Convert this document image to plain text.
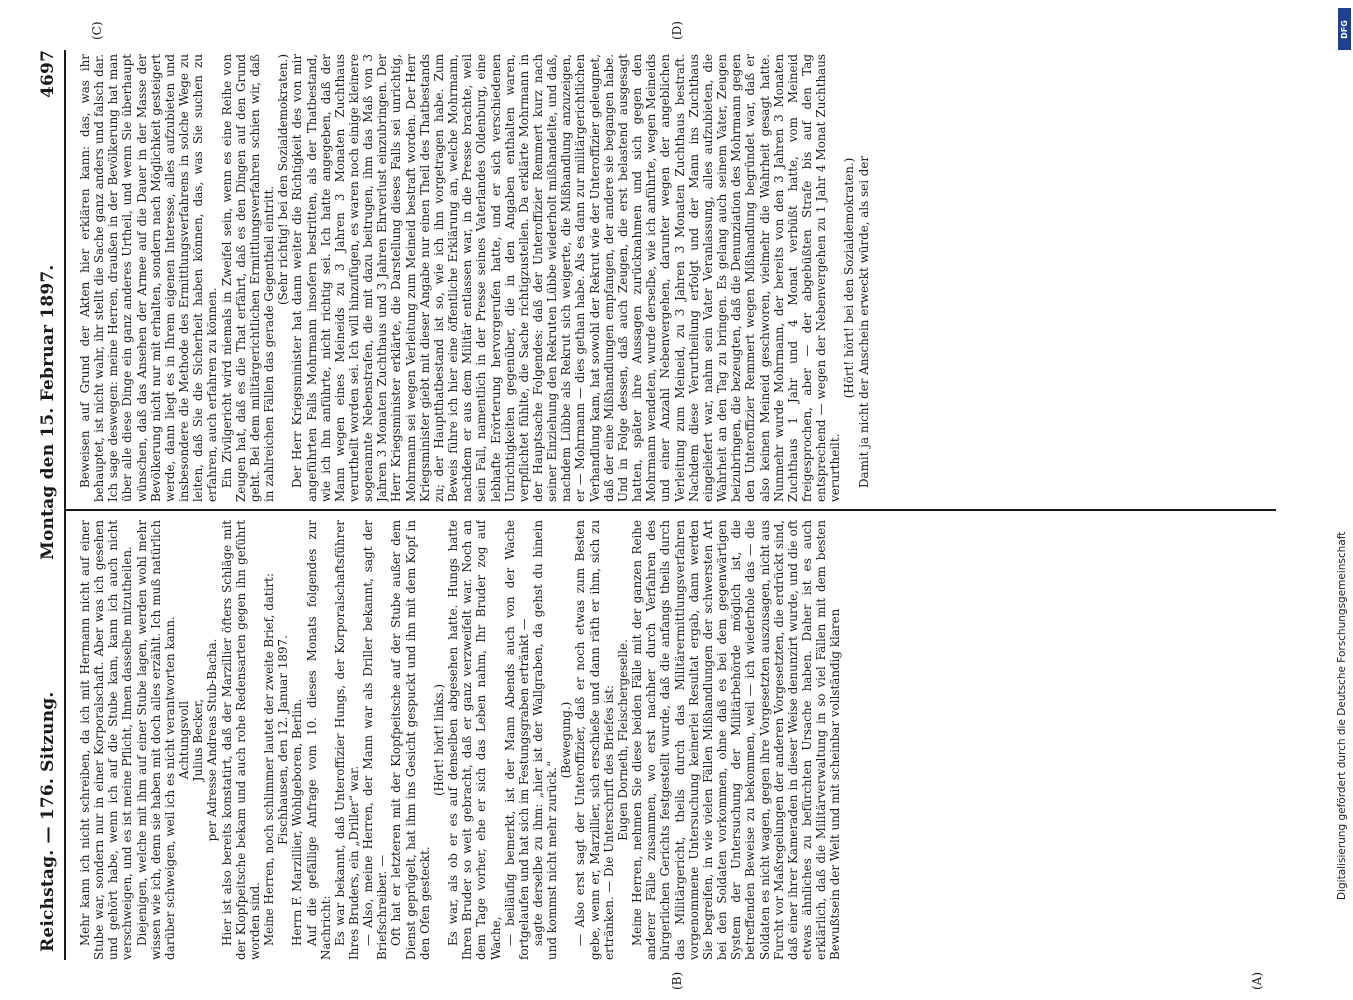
Reichstag. — 176. Sitzung.
Montag den 15. Februar 1897.
4697
(A)
(B)
(C)	(D)

Mehr kann ich nicht schreiben, da ich mit Hermann nicht auf einer Stube war, sondern nur in einer Korporalschaft. Aber was ich gesehen und gehört habe, wenn ich auf die Stube kam, kann ich auch nicht verschweigen, und es ist meine Pflicht, Ihnen dasselbe mitzutheilen. Diejenigen, welche mit ihm auf einer Stube lagen, werden wohl mehr wissen wie ich, denn sie haben mit doch alles erzählt. Ich muß natürlich darüber schweigen, weil ich es nicht verantworten kann. Achtungsvoll Julius Becker, per Adresse Andreas Stub-Bacha. Hier ist also bereits konstatirt, daß der Marzillier öfters Schläge mit der Klopfpeitsche bekam und auch rohe Redensarten gegen ihn geführt worden sind. Meine Herren, noch schlimmer lautet der zweite Brief, datirt: Fischhausen, den 12. Januar 1897. Herrn F. Marzillier, Wohlgeboren, Berlin. Auf die gefällige Anfrage vom 10. dieses Monats folgendes zur Nachricht: Es war bekannt, daß Unteroffizier Hungs, der Korporalschaftsführer Ihres Bruders, ein „Driller“ war. — Also, meine Herren, der Mann war als Driller bekannt, sagt der Briefschreiber. — Oft hat er letzteren mit der Klopfpeitsche auf der Stube außer dem Dienst geprügelt, hat ihm ins Gesicht gespuckt und ihn mit dem Kopf in den Ofen gesteckt.

(Hört! hört! links.) Es war, als ob er es auf denselben abgesehen hatte. Hungs hatte Ihren Bruder so weit gebracht, daß er ganz verzweifelt war. Noch an dem Tage vorher, ehe er sich das Leben nahm, Ihr Bruder zog auf Wache, — beiläufig bemerkt, ist der Mann Abends auch von der Wache fortgelaufen und hat sich im Festungsgraben ertränkt — sagte derselbe zu ihm: „hier ist der Wallgraben, da gehst du hinein und kommst nicht mehr zurück.“

(Bewegung.) — Also erst sagt der Unteroffizier, daß er noch etwas zum Besten gebe, wenn er, Marzillier, sich erschieße und dann räth er ihm, sich zu ertränken. — Die Unterschrift des Briefes ist: Eugen Dorneth, Fleischergeselle. Meine Herren, nehmen Sie diese beiden Fälle mit der ganzen Reihe anderer Fälle zusammen, wo erst nachher durch Verfahren des bürgerlichen Gerichts festgestellt wurde, daß die anfangs theils durch das Militärgericht, theils durch das Militärermittlungsverfahren vorgenommene Untersuchung keinerlei Resultat ergab, dann werden Sie begreifen, in wie vielen Fällen Mißhandlungen der schwersten Art bei den Soldaten vorkommen, ohne daß es bei dem gegenwärtigen System der Untersuchung der Militärbehörde möglich ist, die betreffenden Beweise zu bekommen, weil — ich wiederhole das — die Soldaten es nicht wagen, gegen ihre Vorgesetzten auszusagen, nicht aus Furcht vor Maßregelungen der anderen Vorgesetzten, die erdrückt sind, daß einer ihrer Kameraden in dieser Weise denunzirt wurde, und die oft etwas ähnliches zu befürchten Ursache haben. Daher ist es auch erklärlich, daß die Militärverwaltung in so viel Fällen mit dem besten Bewußtsein der Welt und mit scheinbar vollständig klaren

Beweisen auf Grund der Akten hier erklären kann: das, was ihr behauptet, ist nicht wahr, ihr stellt die Sache ganz anders und falsch dar. Ich sage deswegen: meine Herren, draußen in der Bevölkerung hat man über alle diese Dinge ein ganz anderes Urtheil, und wenn Sie überhaupt wünschen, daß das Ansehen der Armee auf die Dauer in der Masse der Bevölkerung nicht nur mit erhalten, sondern nach Möglichkeit gesteigert werde, dann liegt es in Ihrem eigenen Interesse, alles aufzubieten und insbesondere die Methode des Ermittlungsverfahrens in solche Wege zu leiten, daß Sie die Sicherheit haben können, das, was Sie suchen zu erfahren, auch erfahren zu können. Ein Zivilgericht wird niemals in Zweifel sein, wenn es eine Reihe von Zeugen hat, daß es die That erfährt, daß es den Dingen auf den Grund geht. Bei dem militärgerichtlichen Ermittlungsverfahren schien wir, daß in zahlreichen Fällen das gerade Gegentheil eintritt.

(Sehr richtig! bei den Sozialdemokraten.) Der Herr Kriegsminister hat dann weiter die Richtigkeit des von mir angeführten Falls Mohrmann insofern bestritten, als der Thatbestand, wie ich ihn anführte, nicht richtig sei. Ich hatte angegeben, daß der Mann wegen eines Meineids zu 3 Jahren 3 Monaten Zuchthaus verurtheilt worden sei. Ich will hinzufügen, es waren noch einige kleinere sogenannte Nebenstrafen, die mit dazu beitrugen, ihm das Maß von 3 Jahren 3 Monaten Zuchthaus und 3 Jahren Ehrverlust einzubringen. Der Herr Kriegsminister erklärte, die Darstellung dieses Falls sei unrichtig, Mohrmann sei wegen Verleitung zum Meineid bestraft worden. Der Herr Kriegsminister giebt mit dieser Angabe nur einen Theil des Thatbestands zu; der Hauptthatbestand ist so, wie ich ihn vorgetragen habe. Zum Beweis führe ich hier eine öffentliche Erklärung an, welche Mohrmann, nachdem er aus dem Militär entlassen war, in die Presse brachte, weil sein Fall, namentlich in der Presse seines Vaterlandes Oldenburg, eine lebhafte Erörterung hervorgerufen hatte, und er sich verschiedenen Unrichtigkeiten gegenüber, die in den Angaben enthalten waren, verpflichtet fühlte, die Sache richtigzustellen. Da erklärte Mohrmann in der Hauptsache Folgendes: daß der Unteroffizier Remmert kurz nach seiner Einziehung den Rekruten Lübbe wiederholt mißhandelte, und daß, nachdem Lübbe als Rekrut sich weigerte, die Mißhandlung anzuzeigen, er — Mohrmann — dies gethan habe. Als es dann zur militärgerichtlichen Verhandlung kam, hat sowohl der Rekrut wie der Unteroffizier geleugnet, daß der eine Mißhandlungen empfangen, der andere sie begangen habe. Und in Folge dessen, daß auch Zeugen, die erst belastend ausgesagt hatten, später ihre Aussagen zurücknahmen und sich gegen den Mohrmann wendeten, wurde derselbe, wie ich anführte, wegen Meineids und einer Anzahl Nebenvergehen, darunter wegen der angeblichen Verleitung zum Meineid, zu 3 Jahren 3 Monaten Zuchthaus bestraft. Nachdem diese Verurtheilung erfolgt und der Mann ins Zuchthaus eingeliefert war, nahm sein Vater Veranlassung, alles aufzubieten, die Wahrheit an den Tag zu bringen. Es gelang auch seinem Vater, Zeugen beizubringen, die bezeugten, daß die Denunziation des Mohrmann gegen den Unteroffizier Remmert wegen Mißhandlung begründet war, daß er also keinen Meineid geschworen, vielmehr die Wahrheit gesagt hatte. Nunmehr wurde Mohrmann, der bereits von den 3 Jahren 3 Monaten Zuchthaus 1 Jahr und 4 Monat verbüßt hatte, vom Meineid freigesprochen, aber — der abgebüßten Strafe bis auf den Tag entsprechend — wegen der Nebenvergehen zu 1 Jahr 4 Monat Zuchthaus verurtheilt.

(Hört! hört! bei den Sozialdemokraten.) Damit ja nicht der Anschein erweckt würde, als sei der

Digitalisierung gefördert durch die Deutsche Forschungsgemeinschaft
DFG
